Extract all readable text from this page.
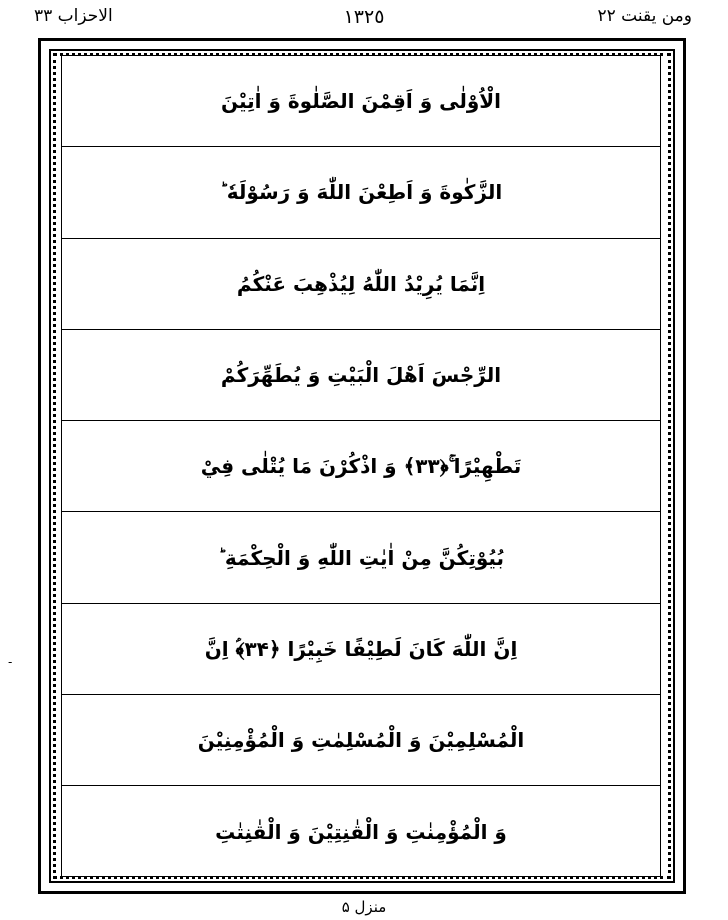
الاحزاب ٣٣	١٣٢٥	ومن يقنت ٢٢
-
الْاُوْلٰى وَ اَقِمْنَ الصَّلٰوةَ وَ اٰتِيْنَ
الزَّكٰوةَ وَ اَطِعْنَ اللّٰهَ وَ رَسُوْلَهٗ ؕ
اِنَّمَا يُرِيْدُ اللّٰهُ لِيُذْهِبَ عَنْكُمُ
الرِّجْسَ اَهْلَ الْبَيْتِ وَ يُطَهِّرَكُمْ
تَطْهِيْرًا ۚ﴿۳۳﴾ وَ اذْكُرْنَ مَا يُتْلٰى فِيْ
بُيُوْتِكُنَّ مِنْ اٰيٰتِ اللّٰهِ وَ الْحِكْمَةِ ؕ
اِنَّ اللّٰهَ كَانَ لَطِيْفًا خَبِيْرًا ﴿۳۴﴾ؑ اِنَّ
الْمُسْلِمِيْنَ وَ الْمُسْلِمٰتِ وَ الْمُؤْمِنِيْنَ
وَ الْمُؤْمِنٰتِ وَ الْقٰنِتِيْنَ وَ الْقٰنِتٰتِ
منزل ۵
